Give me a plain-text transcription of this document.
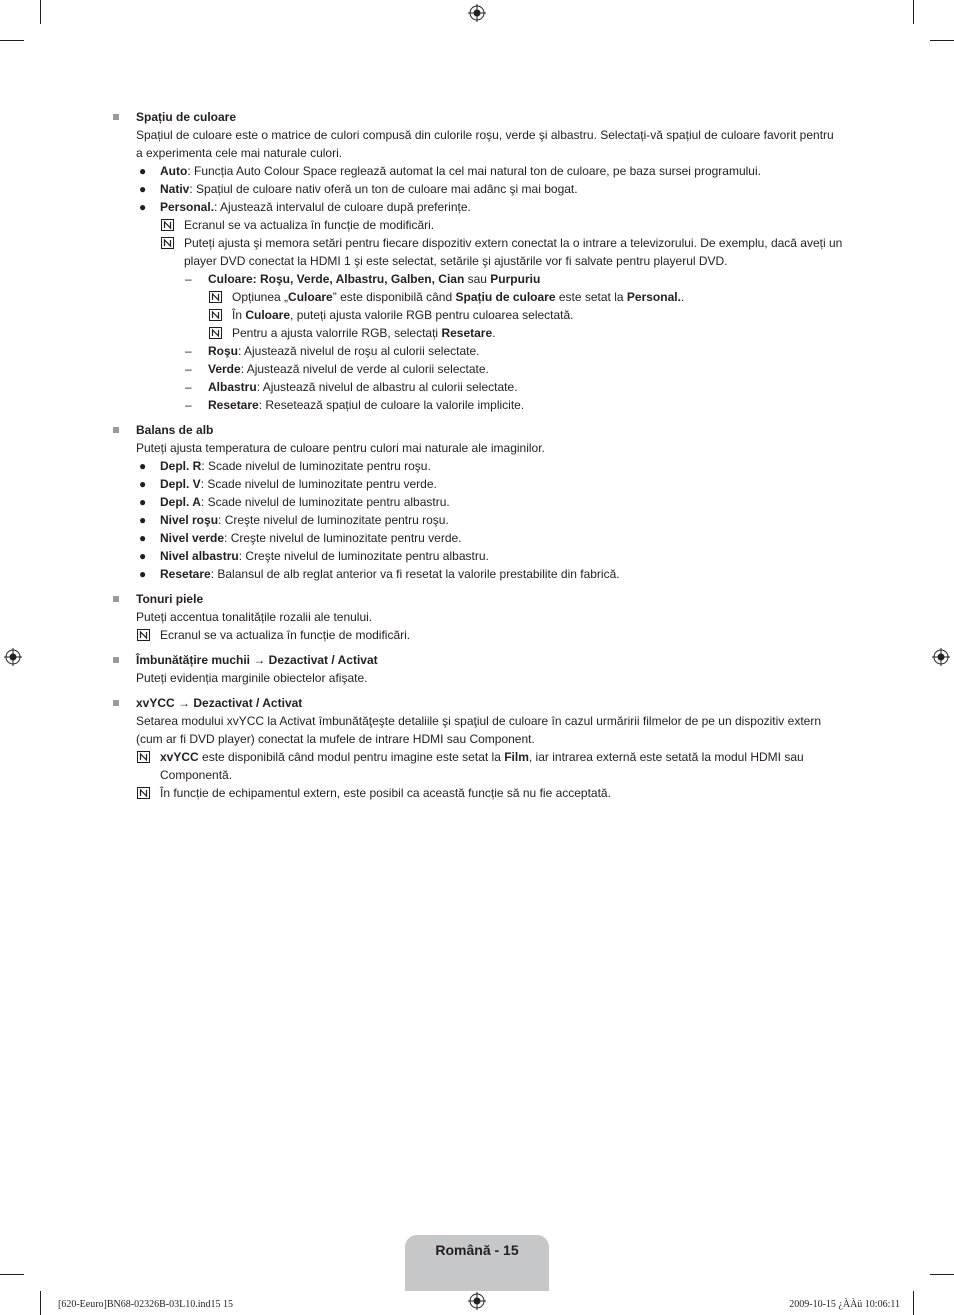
Spațiu de culoare
Spațiul de culoare este o matrice de culori compusă din culorile roşu, verde şi albastru. Selectați-vă spațiul de culoare favorit pentru a experimenta cele mai naturale culori.
● Auto: Funcția Auto Colour Space reglează automat la cel mai natural ton de culoare, pe baza sursei programului.
● Nativ: Spațiul de culoare nativ oferă un ton de culoare mai adânc şi mai bogat.
● Personal.: Ajustează intervalul de culoare după preferințe.
Ecranul se va actualiza în funcție de modificări.
Puteți ajusta şi memora setări pentru fiecare dispozitiv extern conectat la o intrare a televizorului. De exemplu, dacă aveți un player DVD conectat la HDMI 1 şi este selectat, setările şi ajustările vor fi salvate pentru playerul DVD.
– Culoare: Roşu, Verde, Albastru, Galben, Cian sau Purpuriu
Opțiunea „Culoare” este disponibilă când Spațiu de culoare este setat la Personal..
În Culoare, puteți ajusta valorile RGB pentru culoarea selectată.
Pentru a ajusta valorrile RGB, selectați Resetare.
– Roşu: Ajustează nivelul de roşu al culorii selectate.
– Verde: Ajustează nivelul de verde al culorii selectate.
– Albastru: Ajustează nivelul de albastru al culorii selectate.
– Resetare: Resetează spațiul de culoare la valorile implicite.
Balans de alb
Puteți ajusta temperatura de culoare pentru culori mai naturale ale imaginilor.
● Depl. R: Scade nivelul de luminozitate pentru roşu.
● Depl. V: Scade nivelul de luminozitate pentru verde.
● Depl. A: Scade nivelul de luminozitate pentru albastru.
● Nivel roşu: Creşte nivelul de luminozitate pentru roşu.
● Nivel verde: Creşte nivelul de luminozitate pentru verde.
● Nivel albastru: Creşte nivelul de luminozitate pentru albastru.
● Resetare: Balansul de alb reglat anterior va fi resetat la valorile prestabilite din fabrică.
Tonuri piele
Puteți accentua tonalitățile rozalii ale tenului.
Ecranul se va actualiza în funcție de modificări.
Îmbunătățire muchii → Dezactivat / Activat
Puteți evidenția marginile obiectelor afişate.
xvYCC → Dezactivat / Activat
Setarea modului xvYCC la Activat îmbunătăţeşte detaliile şi spaţiul de culoare în cazul urmăririi filmelor de pe un dispozitiv extern (cum ar fi DVD player) conectat la mufele de intrare HDMI sau Component.
xvYCC este disponibilă când modul pentru imagine este setat la Film, iar intrarea externă este setată la modul HDMI sau Componentă.
În funcție de echipamentul extern, este posibil ca această funcție să nu fie acceptată.
Română - 15
[620-Eeuro]BN68-02326B-03L10.ind15 15	2009-10-15 ¿ÀÀü 10:06:11
